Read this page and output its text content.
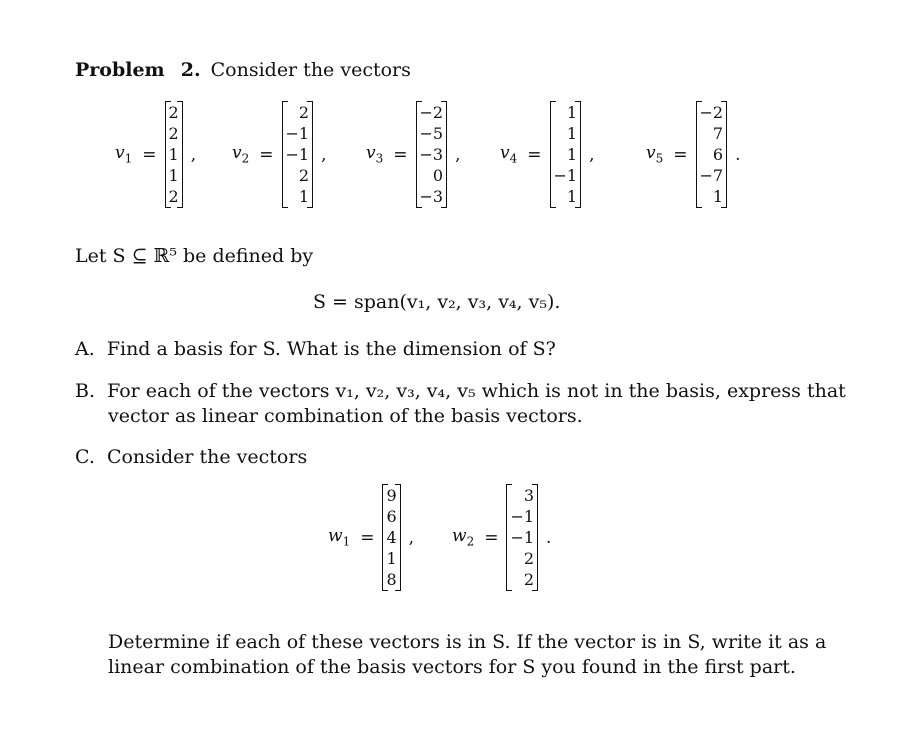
Problem 2. Consider the vectors
$v_1$ =
2
2
1
1
2
, $v_2$ =
2
−1
−1
2
1
, $v_3$ =
−2
−5
−3
0
−3
, $v_4$ =
1
1
1
−1
1
,	$v_5$ =
−2
7
6
−7
1
.
Let S ⊆ ℝ⁵ be defined by
S = span(v₁, v₂, v₃, v₄, v₅).
A. Find a basis for S. What is the dimension of S?
B. For each of the vectors v₁, v₂, v₃, v₄, v₅ which is not in the basis, express that
vector as linear combination of the basis vectors.
C. Consider the vectors
$w_1$ =
9
6
4
1
8
, $w_2$ =
3
−1
−1
2
2
.
Determine if each of these vectors is in S. If the vector is in S, write it as a
linear combination of the basis vectors for S you found in the first part.
